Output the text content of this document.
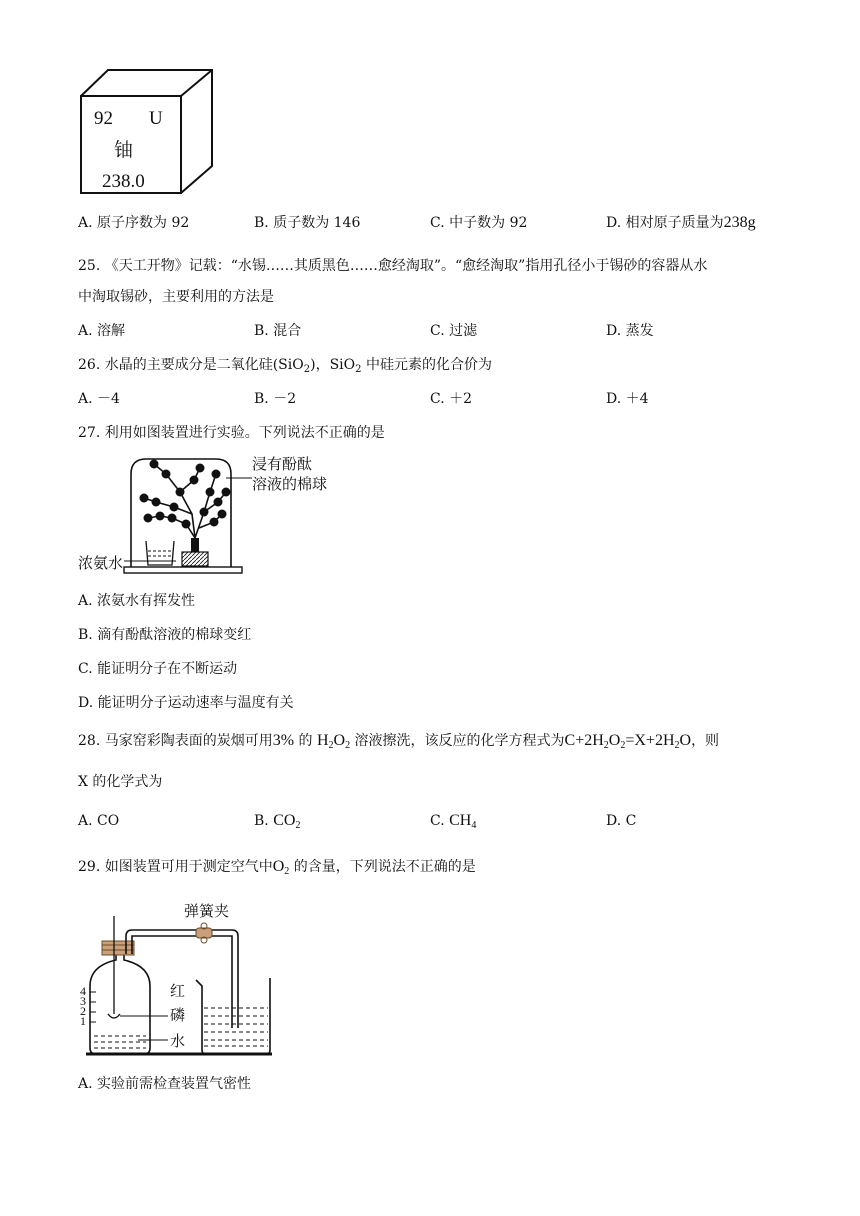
92 U
铀
238.0
A. 原子序数为 92	B. 质子数为 146	C. 中子数为 92	D. 相对原子质量为238g
25. 《天工开物》记载：“水锡……其质黑色……愈经淘取”。“愈经淘取”指用孔径小于锡砂的容器从水
中淘取锡砂，主要利用的方法是
A. 溶解	B. 混合	C. 过滤	D. 蒸发
26. 水晶的主要成分是二氧化硅(SiO$_2$)，SiO$_2$ 中硅元素的化合价为
A. －4	B. －2	C. ＋2	D. ＋4
27. 利用如图装置进行实验。下列说法不正确的是
浸有酚酞
溶液的棉球
浓氨水
A. 浓氨水有挥发性
B. 滴有酚酞溶液的棉球变红
C. 能证明分子在不断运动
D. 能证明分子运动速率与温度有关
28. 马家窑彩陶表面的炭烟可用3% 的 $H_2O_2$ 溶液擦洗，该反应的化学方程式为$C+2H_2O_2=X+2H_2O$，则
X 的化学式为
A. CO	B. $CO_2$	C. $CH_4$	D. C
29. 如图装置可用于测定空气中$O_2$ 的含量，下列说法不正确的是
4
3
2
1
弹簧夹
红
磷
水
A. 实验前需检查装置气密性
